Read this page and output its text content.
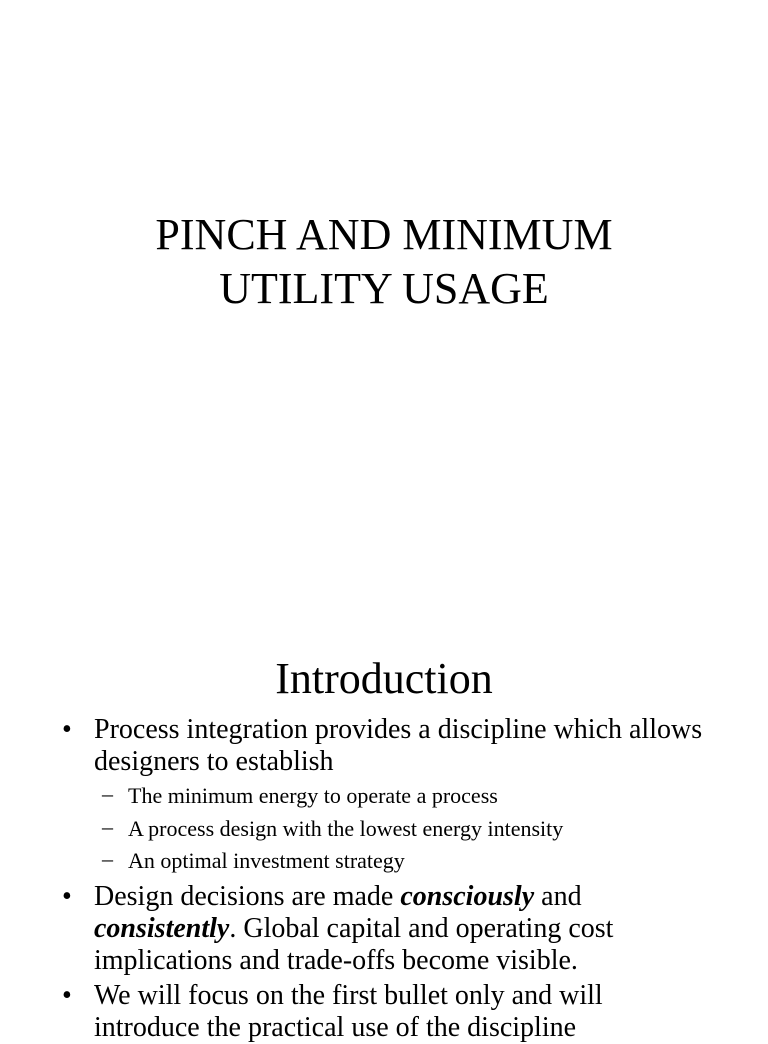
PINCH AND MINIMUM
UTILITY USAGE
Introduction
• Process integration provides a discipline which allows designers to establish
– The minimum energy to operate a process
– A process design with the lowest energy intensity
– An optimal investment strategy
• Design decisions are made consciously and consistently. Global capital and operating cost implications and trade-offs become visible.
• We will focus on the first bullet only and will introduce the practical use of the discipline
